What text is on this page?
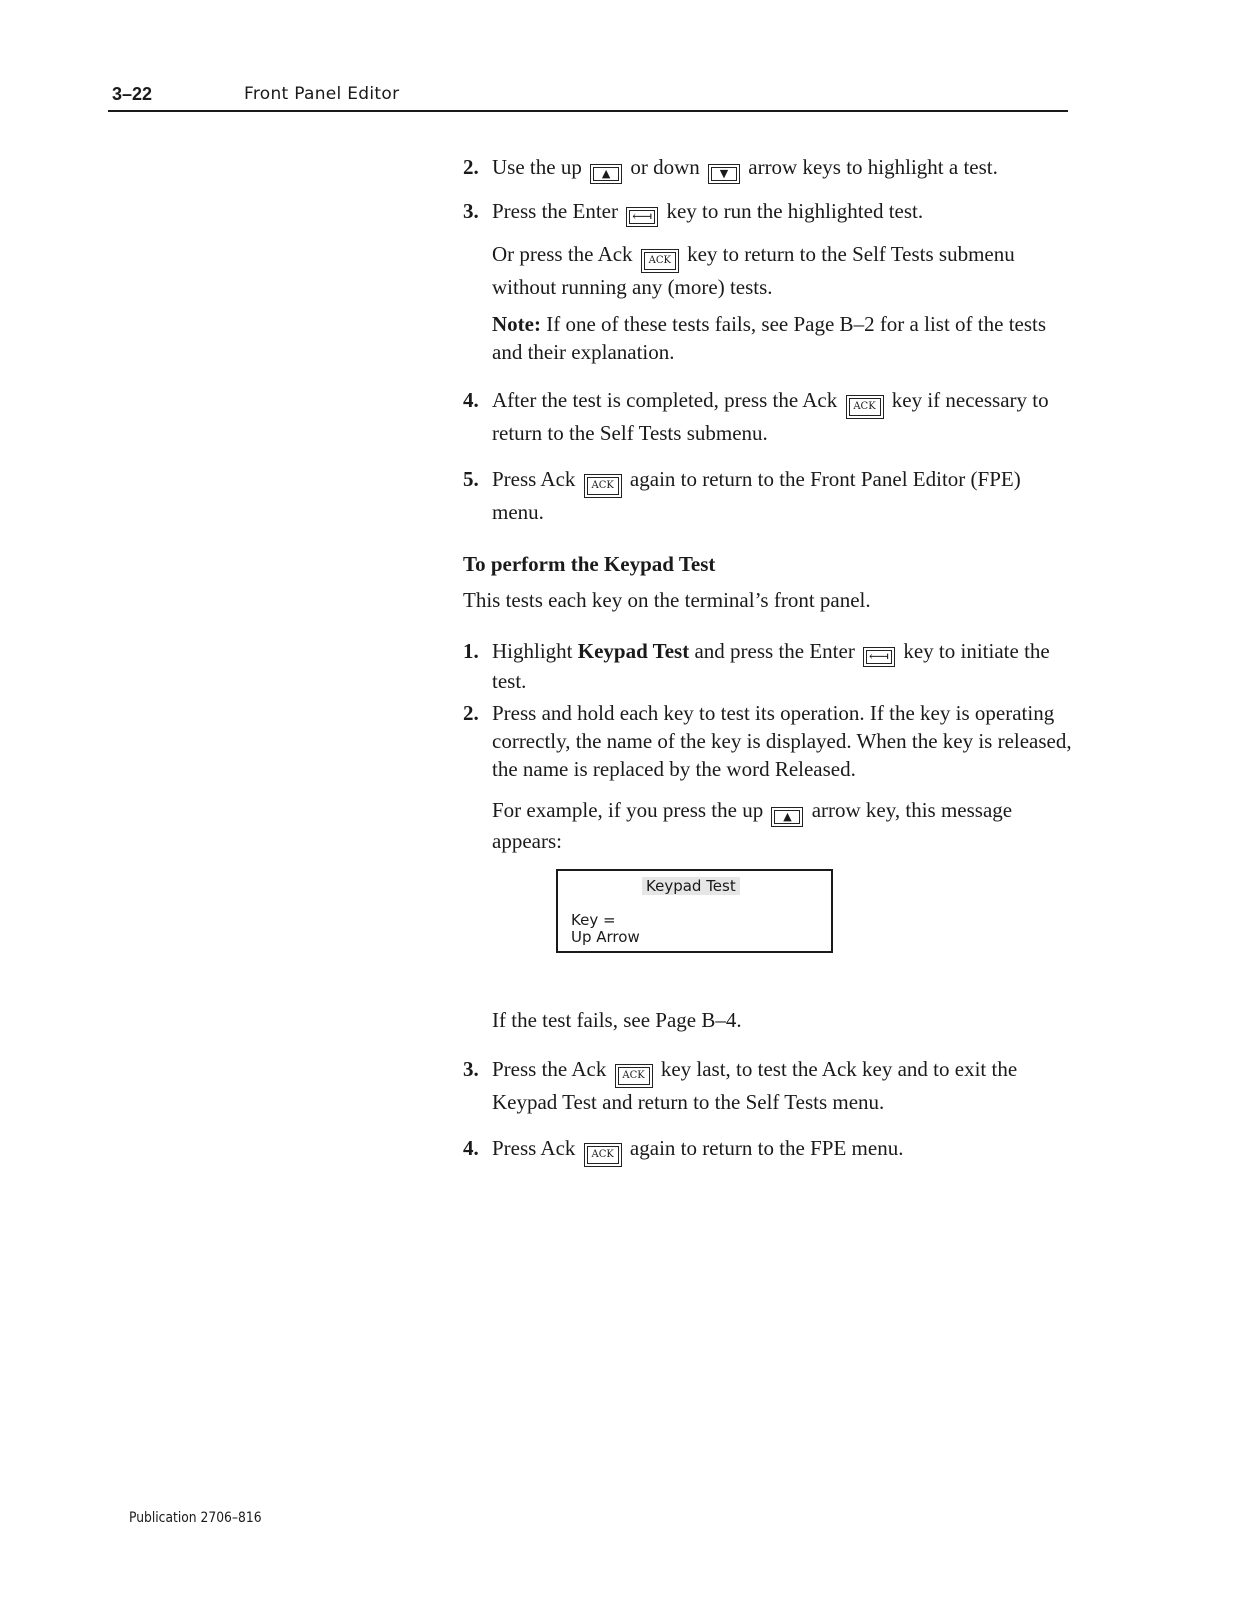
3–22	Front Panel Editor
2. Use the up ▲ or down ▼ arrow keys to highlight a test.
3. Press the Enter ⟻ key to run the highlighted test.
Or press the Ack ACK key to return to the Self Tests submenu without running any (more) tests.
Note: If one of these tests fails, see Page B–2 for a list of the tests and their explanation.
4. After the test is completed, press the Ack ACK key if necessary to return to the Self Tests submenu.
5. Press Ack ACK again to return to the Front Panel Editor (FPE) menu.
To perform the Keypad Test
This tests each key on the terminal’s front panel.
1. Highlight Keypad Test and press the Enter ⟻ key to initiate the test.
2. Press and hold each key to test its operation. If the key is operating correctly, the name of the key is displayed. When the key is released, the name is replaced by the word Released.
For example, if you press the up ▲ arrow key, this message appears:
If the test fails, see Page B–4.
3. Press the Ack ACK key last, to test the Ack key and to exit the Keypad Test and return to the Self Tests menu.
4. Press Ack ACK again to return to the FPE menu.
Keypad Test
Key =
Up Arrow
Publication 2706–816
